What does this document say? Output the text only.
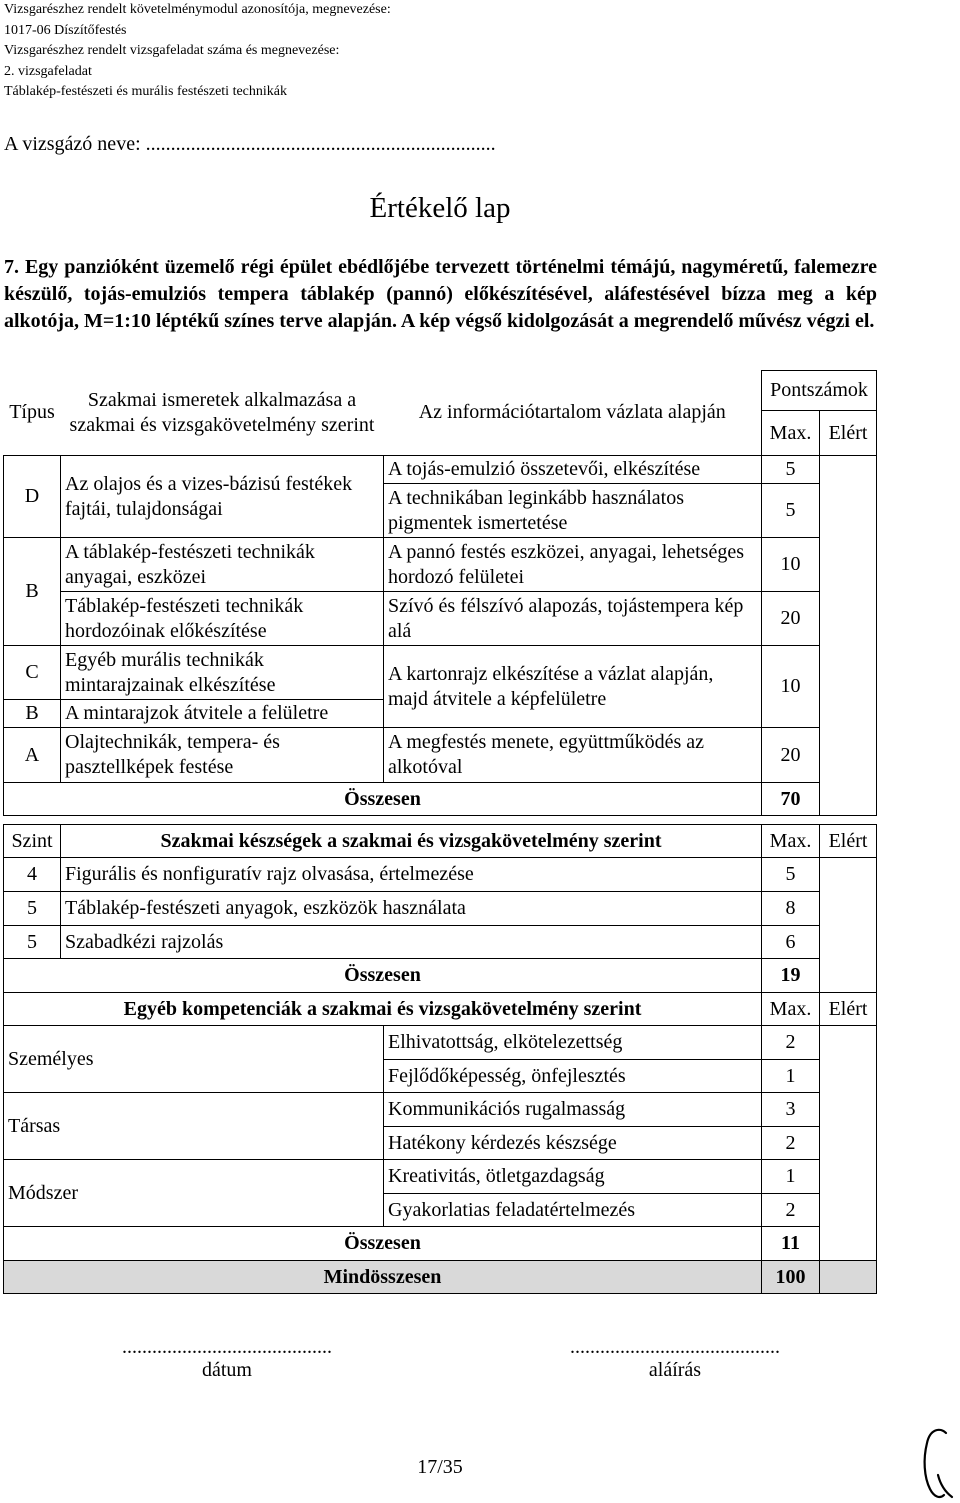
Vizsgarészhez rendelt követelménymodul azonosítója, megnevezése:
1017-06 Díszítőfestés
Vizsgarészhez rendelt vizsgafeladat száma és megnevezése:
2. vizsgafeladat
Táblakép-festészeti és murális festészeti technikák
A vizsgázó neve: ......................................................................
Értékelő lap

7. Egy panzióként üzemelő régi épület ebédlőjébe tervezett történelmi témájú, nagyméretű, falemezre készülő, tojás-emulziós tempera táblakép (pannó) előkészítésével, aláfestésével bízza meg a kép alkotója, M=1:10 léptékű színes terve alapján. A kép végső kidolgozását a megrendelő művész végzi el.

Típus	Szakmai ismeretek alkalmazása a szakmai és vizsgakövetelmény szerint	Az információtartalom vázlata alapján	Pontszámok	
			Max.	Elért
D	Az olajos és a vizes-bázisú festékek fajtái, tulajdonságai	A tojás-emulzió összetevői, elkészítése	5	
		A technikában leginkább használatos pigmentek ismertetése	5	
B	A táblakép-festészeti technikák anyagai, eszközei	A pannó festés eszközei, anyagai, lehetséges hordozó felületei	10	
	Táblakép-festészeti technikák hordozóinak előkészítése	Szívó és félszívó alapozás, tojástempera kép alá	20	
C	Egyéb murális technikák mintarajzainak elkészítése	A kartonrajz elkészítése a vázlat alapján, majd átvitele a képfelületre	10	
B	A mintarajzok átvitele a felületre			
A	Olajtechnikák, tempera- és pasztellképek festése	A megfestés menete, együttműködés az alkotóval	20	
Összesen			70	
Szint	Szakmai készségek a szakmai és vizsgakövetelmény szerint	Max.	Elért
4	Figurális és nonfiguratív rajz olvasása, értelmezése	5	
5	Táblakép-festészeti anyagok, eszközök használata	8	
5	Szabadkézi rajzolás	6	
Összesen		19	
Egyéb kompetenciák a szakmai és vizsgakövetelmény szerint		Max.	Elért
Személyes	Elhivatottság, elkötelezettség	2	
	Fejlődőképesség, önfejlesztés	1	
Társas	Kommunikációs rugalmasság	3	
	Hatékony kérdezés készsége	2	
Módszer	Kreativitás, ötletgazdagság	1	
	Gyakorlatias feladatértelmezés	2	
Összesen		11	
Mindösszesen		100	
..........................................
dátum
..........................................
aláírás
17/35
